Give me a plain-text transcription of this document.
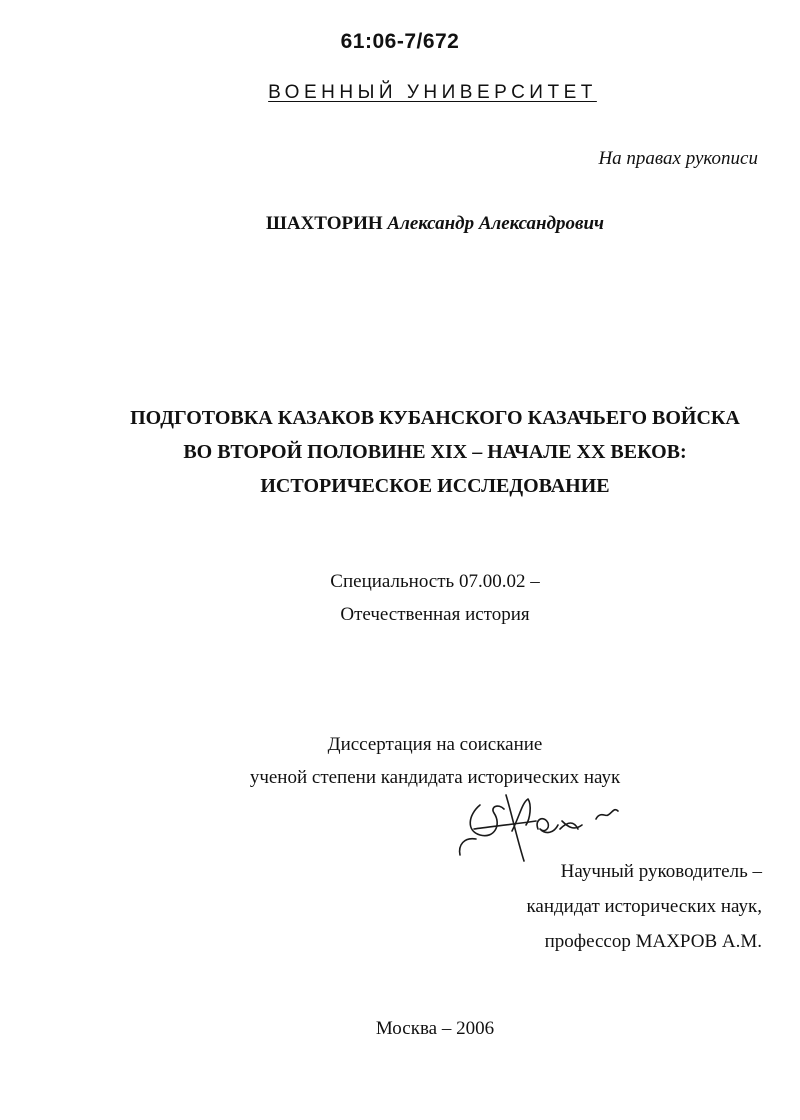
61:06-7/672
ВОЕННЫЙ УНИВЕРСИТЕТ
На правах рукописи
ШАХТОРИН Александр Александрович
ПОДГОТОВКА КАЗАКОВ КУБАНСКОГО КАЗАЧЬЕГО ВОЙСКА
ВО ВТОРОЙ ПОЛОВИНЕ XIX – НАЧАЛЕ XX ВЕКОВ:
ИСТОРИЧЕСКОЕ ИССЛЕДОВАНИЕ
Специальность 07.00.02 –
Отечественная история
Диссертация на соискание
ученой степени кандидата исторических наук
Научный руководитель –
кандидат исторических наук,
профессор МАХРОВ А.М.
Москва – 2006
